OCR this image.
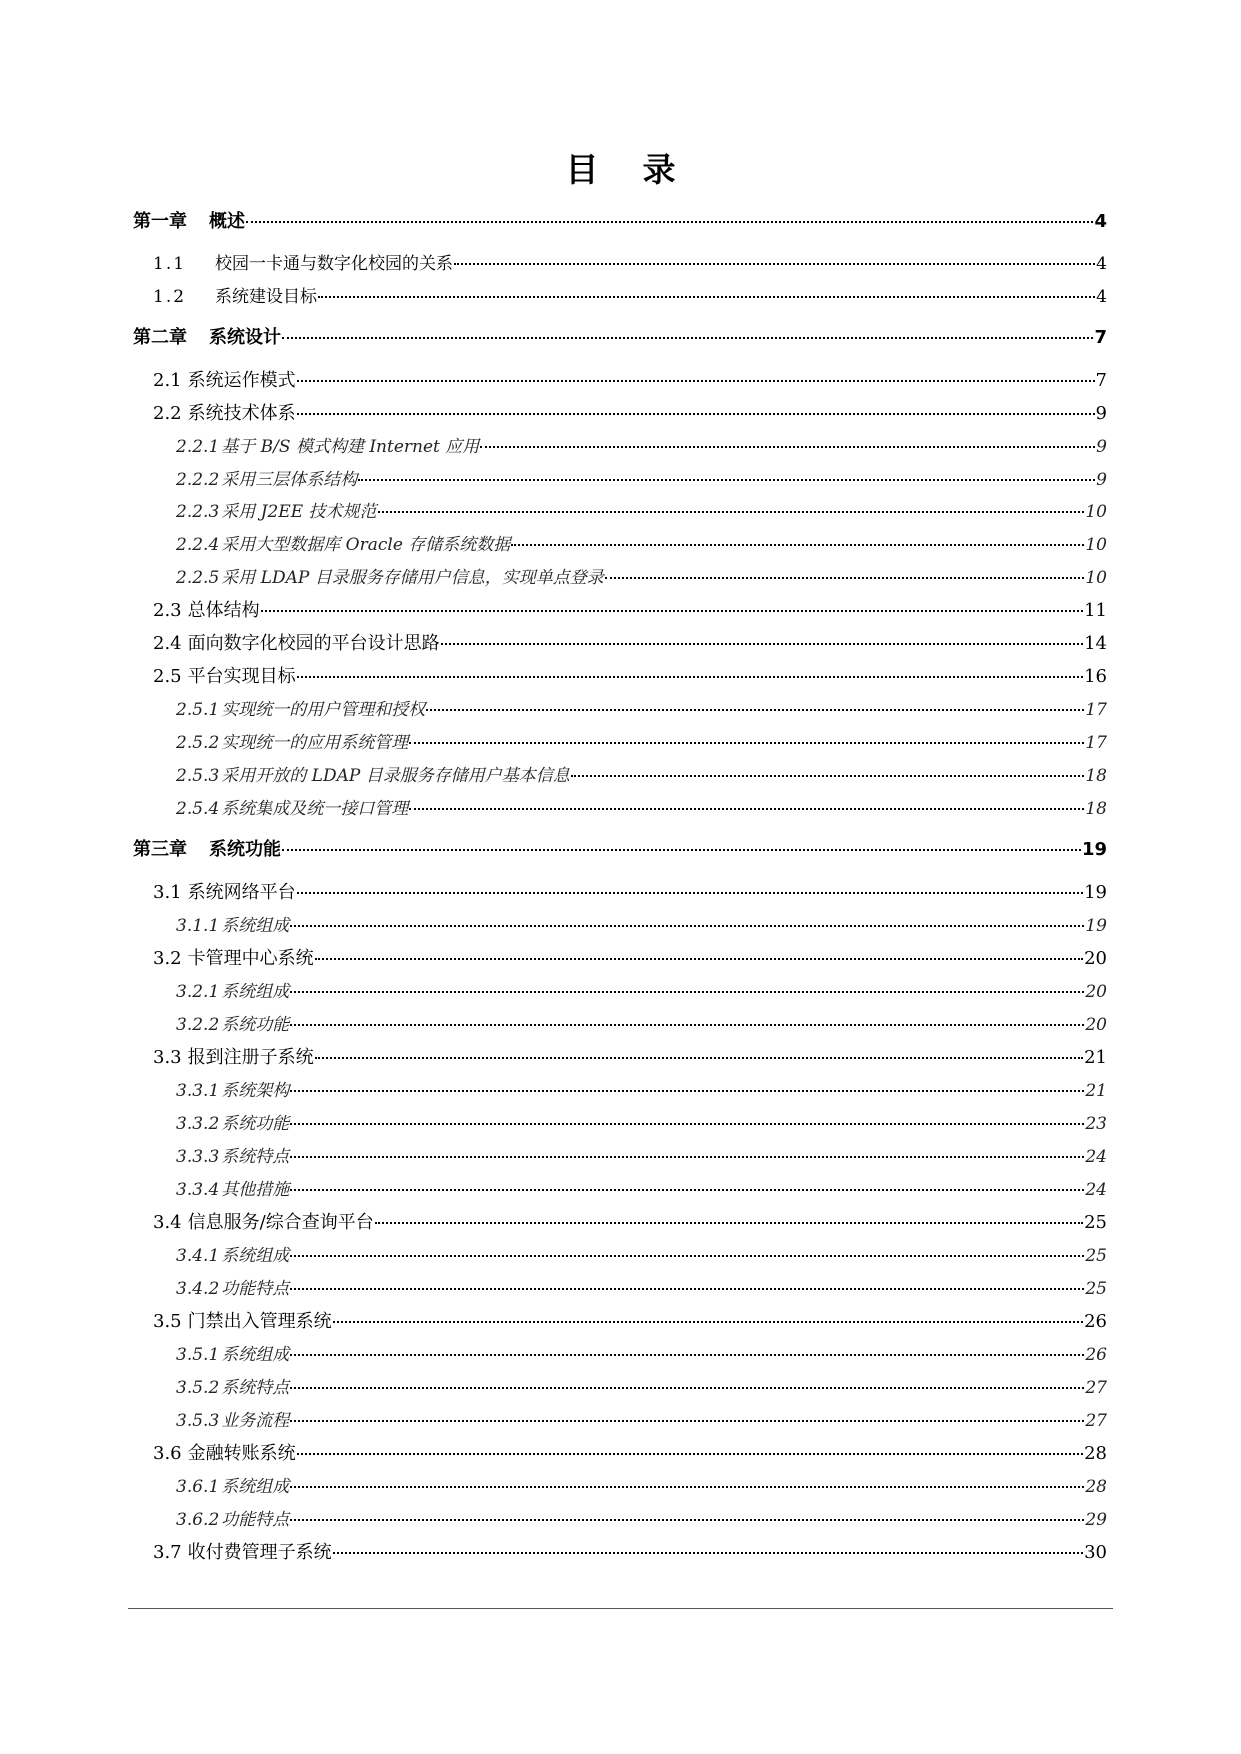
目录
第一章 概述	4
1.1 校园一卡通与数字化校园的关系	4
1.2 系统建设目标	4
第二章 系统设计	7
2.1 系统运作模式	7
2.2 系统技术体系	9
2.2.1 基于 B/S 模式构建 Internet 应用	9
2.2.2 采用三层体系结构	9
2.2.3 采用 J2EE 技术规范	10
2.2.4 采用大型数据库 Oracle 存储系统数据	10
2.2.5 采用 LDAP 目录服务存储用户信息，实现单点登录	10
2.3 总体结构	11
2.4 面向数字化校园的平台设计思路	14
2.5 平台实现目标	16
2.5.1 实现统一的用户管理和授权	17
2.5.2 实现统一的应用系统管理	17
2.5.3 采用开放的 LDAP 目录服务存储用户基本信息	18
2.5.4 系统集成及统一接口管理	18
第三章 系统功能	19
3.1 系统网络平台	19
3.1.1 系统组成	19
3.2 卡管理中心系统	20
3.2.1 系统组成	20
3.2.2 系统功能	20
3.3 报到注册子系统	21
3.3.1 系统架构	21
3.3.2 系统功能	23
3.3.3 系统特点	24
3.3.4 其他措施	24
3.4 信息服务/综合查询平台	25
3.4.1 系统组成	25
3.4.2 功能特点	25
3.5 门禁出入管理系统	26
3.5.1 系统组成	26
3.5.2 系统特点	27
3.5.3 业务流程	27
3.6 金融转账系统	28
3.6.1 系统组成	28
3.6.2 功能特点	29
3.7 收付费管理子系统	30
